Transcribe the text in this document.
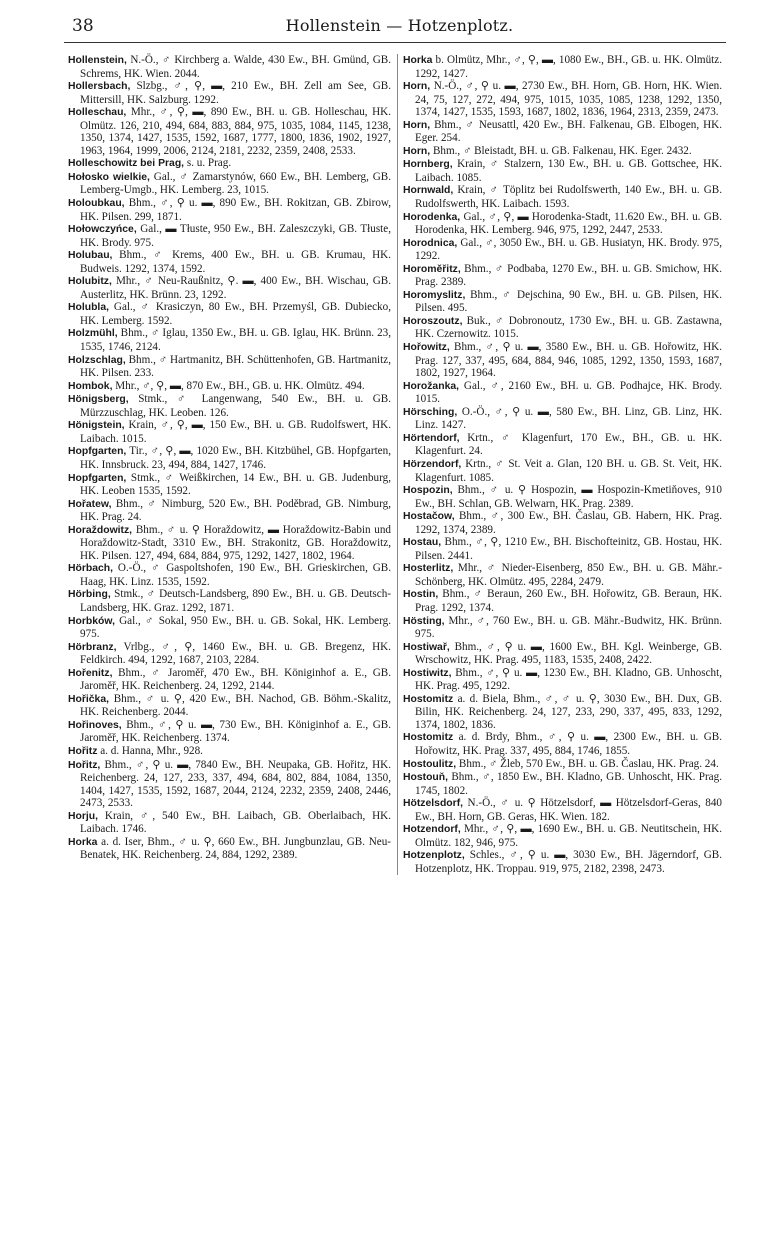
38	Hollenstein — Hotzenplotz.

Hollenstein, N.-Ö., ♂ Kirchberg a. Walde, 430 Ew., BH. Gmünd, GB. Schrems, HK. Wien. 2044.

Hollersbach, Slzbg., ♂, ⚲, ▬, 210 Ew., BH. Zell am See, GB. Mittersill, HK. Salzburg. 1292.

Holleschau, Mhr., ♂, ⚲, ▬, 890 Ew., BH. u. GB. Holleschau, HK. Olmütz. 126, 210, 494, 684, 883, 884, 975, 1035, 1084, 1145, 1238, 1350, 1374, 1427, 1535, 1592, 1687, 1777, 1800, 1836, 1902, 1927, 1963, 1964, 1999, 2006, 2124, 2181, 2232, 2359, 2408, 2533.

Holleschowitz bei Prag, s. u. Prag.

Hołosko wielkie, Gal., ♂ Zamarstynów, 660 Ew., BH. Lemberg, GB. Lemberg-Umgb., HK. Lemberg. 23, 1015.

Holoubkau, Bhm., ♂, ⚲ u. ▬, 890 Ew., BH. Rokitzan, GB. Zbirow, HK. Pilsen. 299, 1871.

Hołowczyńce, Gal., ▬ Tłuste, 950 Ew., BH. Zaleszczyki, GB. Tłuste, HK. Brody. 975.

Holubau, Bhm., ♂ Krems, 400 Ew., BH. u. GB. Krumau, HK. Budweis. 1292, 1374, 1592.

Holubitz, Mhr., ♂ Neu-Raußnitz, ⚲. ▬, 400 Ew., BH. Wischau, GB. Austerlitz, HK. Brünn. 23, 1292.

Holubla, Gal., ♂ Krasiczyn, 80 Ew., BH. Przemyśl, GB. Dubiecko, HK. Lemberg. 1592.

Holzmühl, Bhm., ♂ Iglau, 1350 Ew., BH. u. GB. Iglau, HK. Brünn. 23, 1535, 1746, 2124.

Holzschlag, Bhm., ♂ Hartmanitz, BH. Schüttenhofen, GB. Hartmanitz, HK. Pilsen. 233.

Hombok, Mhr., ♂, ⚲, ▬, 870 Ew., BH., GB. u. HK. Olmütz. 494.

Hönigsberg, Stmk., ♂ Langenwang, 540 Ew., BH. u. GB. Mürzzuschlag, HK. Leoben. 126.

Hönigstein, Krain, ♂, ⚲, ▬, 150 Ew., BH. u. GB. Rudolfswert, HK. Laibach. 1015.

Hopfgarten, Tir., ♂, ⚲, ▬, 1020 Ew., BH. Kitzbühel, GB. Hopfgarten, HK. Innsbruck. 23, 494, 884, 1427, 1746.

Hopfgarten, Stmk., ♂ Weißkirchen, 14 Ew., BH. u. GB. Judenburg, HK. Leoben 1535, 1592.

Hořatew, Bhm., ♂ Nimburg, 520 Ew., BH. Poděbrad, GB. Nimburg, HK. Prag. 24.

Horaždowitz, Bhm., ♂ u. ⚲ Horaždowitz, ▬ Horaždowitz-Babin und Horaždowitz-Stadt, 3310 Ew., BH. Strakonitz, GB. Horaždowitz, HK. Pilsen. 127, 494, 684, 884, 975, 1292, 1427, 1802, 1964.

Hörbach, O.-Ö., ♂ Gaspoltshofen, 190 Ew., BH. Grieskirchen, GB. Haag, HK. Linz. 1535, 1592.

Hörbing, Stmk., ♂ Deutsch-Landsberg, 890 Ew., BH. u. GB. Deutsch-Landsberg, HK. Graz. 1292, 1871.

Horbków, Gal., ♂ Sokal, 950 Ew., BH. u. GB. Sokal, HK. Lemberg. 975.

Hörbranz, Vrlbg., ♂, ⚲, 1460 Ew., BH. u. GB. Bregenz, HK. Feldkirch. 494, 1292, 1687, 2103, 2284.

Hořenitz, Bhm., ♂ Jaroměř, 470 Ew., BH. Königinhof a. E., GB. Jaroměř, HK. Reichenberg. 24, 1292, 2144.

Hořička, Bhm., ♂ u. ⚲, 420 Ew., BH. Nachod, GB. Böhm.-Skalitz, HK. Reichenberg. 2044.

Hořinoves, Bhm., ♂, ⚲ u. ▬, 730 Ew., BH. Königinhof a. E., GB. Jaroměř, HK. Reichenberg. 1374.

Hořitz a. d. Hanna, Mhr., 928.

Hořitz, Bhm., ♂, ⚲ u. ▬, 7840 Ew., BH. Neupaka, GB. Hořitz, HK. Reichenberg. 24, 127, 233, 337, 494, 684, 802, 884, 1084, 1350, 1404, 1427, 1535, 1592, 1687, 2044, 2124, 2232, 2359, 2408, 2446, 2473, 2533.

Horju, Krain, ♂, 540 Ew., BH. Laibach, GB. Oberlaibach, HK. Laibach. 1746.

Horka a. d. Iser, Bhm., ♂ u. ⚲, 660 Ew., BH. Jungbunzlau, GB. Neu-Benatek, HK. Reichenberg. 24, 884, 1292, 2389.

Horka b. Olmütz, Mhr., ♂, ⚲, ▬, 1080 Ew., BH., GB. u. HK. Olmütz. 1292, 1427.

Horn, N.-Ö., ♂, ⚲ u. ▬, 2730 Ew., BH. Horn, GB. Horn, HK. Wien. 24, 75, 127, 272, 494, 975, 1015, 1035, 1085, 1238, 1292, 1350, 1374, 1427, 1535, 1593, 1687, 1802, 1836, 1964, 2313, 2359, 2473.

Horn, Bhm., ♂ Neusattl, 420 Ew., BH. Falkenau, GB. Elbogen, HK. Eger. 254.

Horn, Bhm., ♂ Bleistadt, BH. u. GB. Falkenau, HK. Eger. 2432.

Hornberg, Krain, ♂ Stalzern, 130 Ew., BH. u. GB. Gottschee, HK. Laibach. 1085.

Hornwald, Krain, ♂ Töplitz bei Rudolfswerth, 140 Ew., BH. u. GB. Rudolfswerth, HK. Laibach. 1593.

Horodenka, Gal., ♂, ⚲, ▬ Horodenka-Stadt, 11.620 Ew., BH. u. GB. Horodenka, HK. Lemberg. 946, 975, 1292, 2447, 2533.

Horodnica, Gal., ♂, 3050 Ew., BH. u. GB. Husiatyn, HK. Brody. 975, 1292.

Horoměřitz, Bhm., ♂ Podbaba, 1270 Ew., BH. u. GB. Smichow, HK. Prag. 2389.

Horomyslitz, Bhm., ♂ Dejschina, 90 Ew., BH. u. GB. Pilsen, HK. Pilsen. 495.

Horoszoutz, Buk., ♂ Dobronoutz, 1730 Ew., BH. u. GB. Zastawna, HK. Czernowitz. 1015.

Hořowitz, Bhm., ♂, ⚲ u. ▬, 3580 Ew., BH. u. GB. Hořowitz, HK. Prag. 127, 337, 495, 684, 884, 946, 1085, 1292, 1350, 1593, 1687, 1802, 1927, 1964.

Horožanka, Gal., ♂, 2160 Ew., BH. u. GB. Podhajce, HK. Brody. 1015.

Hörsching, O.-Ö., ♂, ⚲ u. ▬, 580 Ew., BH. Linz, GB. Linz, HK. Linz. 1427.

Hörtendorf, Krtn., ♂ Klagenfurt, 170 Ew., BH., GB. u. HK. Klagenfurt. 24.

Hörzendorf, Krtn., ♂ St. Veit a. Glan, 120 BH. u. GB. St. Veit, HK. Klagenfurt. 1085.

Hospozin, Bhm., ♂ u. ⚲ Hospozin, ▬ Hospozin-Kmetiňoves, 910 Ew., BH. Schlan, GB. Welwarn, HK. Prag. 2389.

Hostačow, Bhm., ♂, 300 Ew., BH. Časlau, GB. Habern, HK. Prag. 1292, 1374, 2389.

Hostau, Bhm., ♂, ⚲, 1210 Ew., BH. Bischofteinitz, GB. Hostau, HK. Pilsen. 2441.

Hosterlitz, Mhr., ♂ Nieder-Eisenberg, 850 Ew., BH. u. GB. Mähr.-Schönberg, HK. Olmütz. 495, 2284, 2479.

Hostin, Bhm., ♂ Beraun, 260 Ew., BH. Hořowitz, GB. Beraun, HK. Prag. 1292, 1374.

Hösting, Mhr., ♂, 760 Ew., BH. u. GB. Mähr.-Budwitz, HK. Brünn. 975.

Hostiwař, Bhm., ♂, ⚲ u. ▬, 1600 Ew., BH. Kgl. Weinberge, GB. Wrschowitz, HK. Prag. 495, 1183, 1535, 2408, 2422.

Hostiwitz, Bhm., ♂, ⚲ u. ▬, 1230 Ew., BH. Kladno, GB. Unhoscht, HK. Prag. 495, 1292.

Hostomitz a. d. Biela, Bhm., ♂, ♂ u. ⚲, 3030 Ew., BH. Dux, GB. Bilin, HK. Reichenberg. 24, 127, 233, 290, 337, 495, 833, 1292, 1374, 1802, 1836.

Hostomitz a. d. Brdy, Bhm., ♂, ⚲ u. ▬, 2300 Ew., BH. u. GB. Hořowitz, HK. Prag. 337, 495, 884, 1746, 1855.

Hostoulitz, Bhm., ♂ Žleb, 570 Ew., BH. u. GB. Časlau, HK. Prag. 24.

Hostouň, Bhm., ♂, 1850 Ew., BH. Kladno, GB. Unhoscht, HK. Prag. 1745, 1802.

Hötzelsdorf, N.-Ö., ♂ u. ⚲ Hötzelsdorf, ▬ Hötzelsdorf-Geras, 840 Ew., BH. Horn, GB. Geras, HK. Wien. 182.

Hotzendorf, Mhr., ♂, ⚲, ▬, 1690 Ew., BH. u. GB. Neutitschein, HK. Olmütz. 182, 946, 975.

Hotzenplotz, Schles., ♂, ⚲ u. ▬, 3030 Ew., BH. Jägerndorf, GB. Hotzenplotz, HK. Troppau. 919, 975, 2182, 2398, 2473.
